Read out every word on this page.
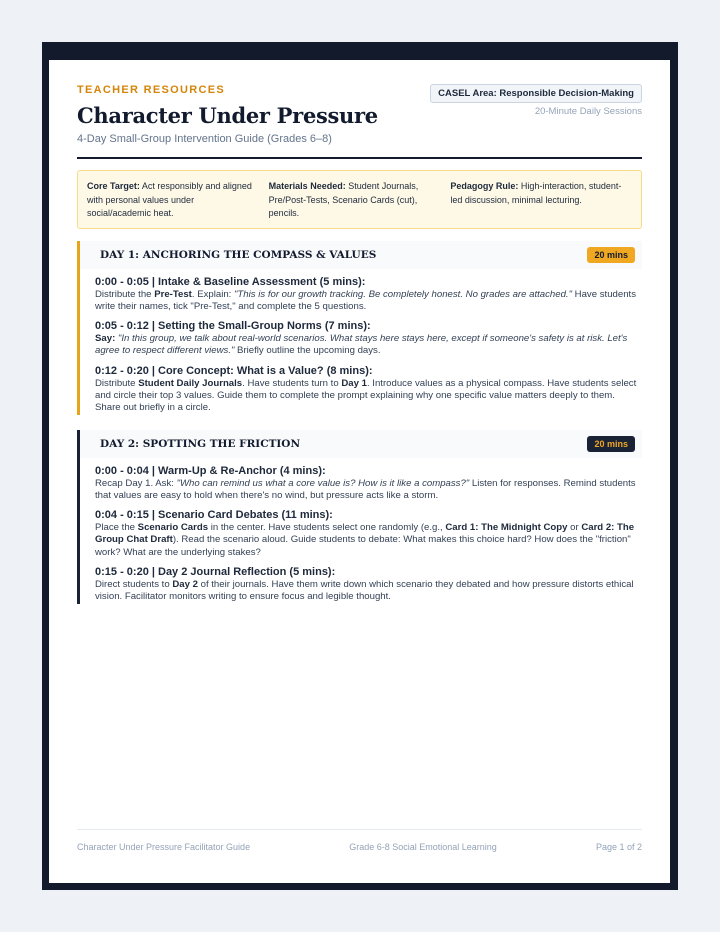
TEACHER RESOURCES
Character Under Pressure
4-Day Small-Group Intervention Guide (Grades 6–8)
CASEL Area: Responsible Decision-Making
20-Minute Daily Sessions
Core Target: Act responsibly and aligned with personal values under social/academic heat.
Materials Needed: Student Journals, Pre/Post-Tests, Scenario Cards (cut), pencils.
Pedagogy Rule: High-interaction, student-led discussion, minimal lecturing.
DAY 1: ANCHORING THE COMPASS & VALUES	20 mins
0:00 - 0:05 | Intake & Baseline Assessment (5 mins):
Distribute the Pre-Test. Explain: "This is for our growth tracking. Be completely honest. No grades are attached." Have students write their names, tick "Pre-Test," and complete the 5 questions.
0:05 - 0:12 | Setting the Small-Group Norms (7 mins):
Say: "In this group, we talk about real-world scenarios. What stays here stays here, except if someone's safety is at risk. Let's agree to respect different views." Briefly outline the upcoming days.
0:12 - 0:20 | Core Concept: What is a Value? (8 mins):
Distribute Student Daily Journals. Have students turn to Day 1. Introduce values as a physical compass. Have students select and circle their top 3 values. Guide them to complete the prompt explaining why one specific value matters deeply to them. Share out briefly in a circle.
DAY 2: SPOTTING THE FRICTION	20 mins
0:00 - 0:04 | Warm-Up & Re-Anchor (4 mins):
Recap Day 1. Ask: "Who can remind us what a core value is? How is it like a compass?" Listen for responses. Remind students that values are easy to hold when there's no wind, but pressure acts like a storm.
0:04 - 0:15 | Scenario Card Debates (11 mins):
Place the Scenario Cards in the center. Have students select one randomly (e.g., Card 1: The Midnight Copy or Card 2: The Group Chat Draft). Read the scenario aloud. Guide students to debate: What makes this choice hard? How does the "friction" work? What are the underlying stakes?
0:15 - 0:20 | Day 2 Journal Reflection (5 mins):
Direct students to Day 2 of their journals. Have them write down which scenario they debated and how pressure distorts ethical vision. Facilitator monitors writing to ensure focus and legible thought.
Character Under Pressure Facilitator Guide	Grade 6-8 Social Emotional Learning	Page 1 of 2
